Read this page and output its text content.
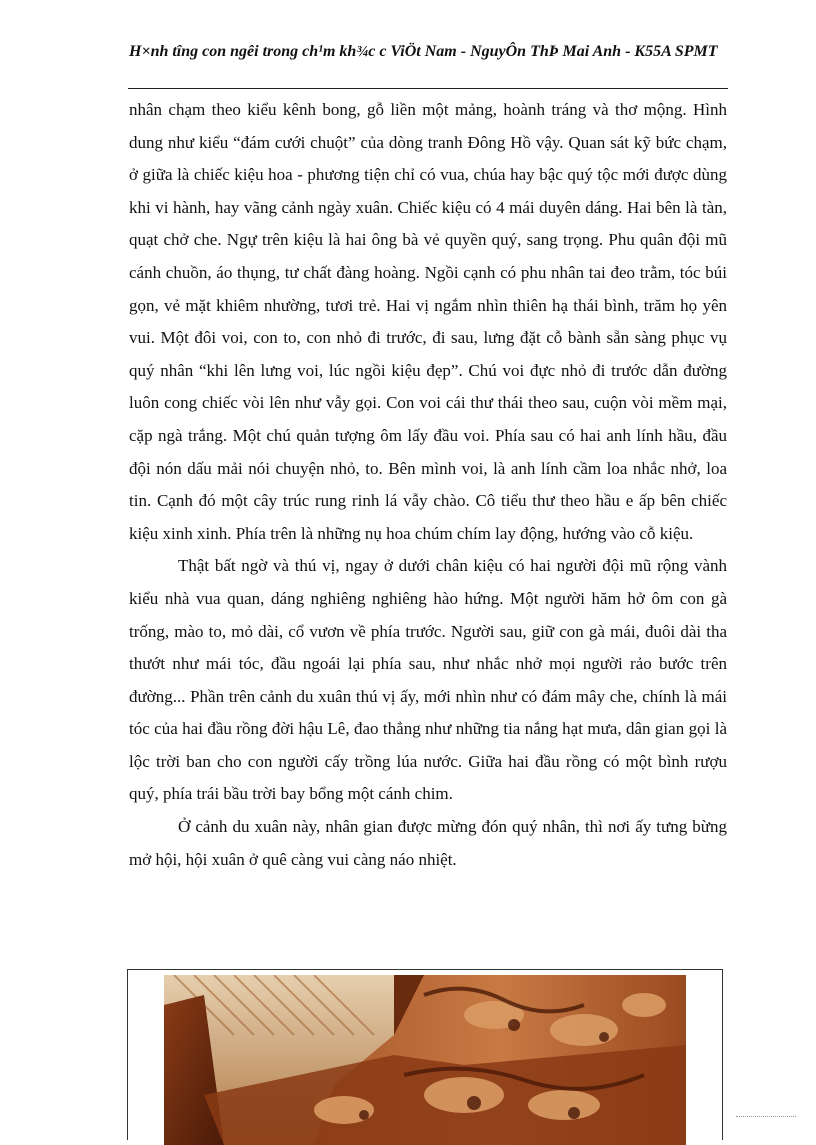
H×nh tîng con ngêi trong ch¹m kh¾c c ViÖt Nam - NguyÔn ThÞ Mai Anh - K55A SPMT

nhân chạm theo kiểu kênh bong, gỗ liền một mảng, hoành tráng và thơ mộng. Hình dung như kiểu “đám cưới chuột” của dòng tranh Đông Hồ vậy. Quan sát kỹ bức chạm, ở giữa là chiếc kiệu hoa - phương tiện chỉ có vua, chúa hay bậc quý tộc mới được dùng khi vi hành, hay vãng cảnh ngày xuân. Chiếc kiệu có 4 mái duyên dáng. Hai bên là tàn, quạt chở che. Ngự trên kiệu là hai ông bà vẻ quyền quý, sang trọng. Phu quân đội mũ cánh chuồn, áo thụng, tư chất đàng hoàng. Ngồi cạnh có phu nhân tai đeo trằm, tóc búi gọn, vẻ mặt khiêm nhường, tươi trẻ. Hai vị ngắm nhìn thiên hạ thái bình, trăm họ yên vui. Một đôi voi, con to, con nhỏ đi trước, đi sau, lưng đặt cỗ bành sẵn sàng phục vụ quý nhân “khi lên lưng voi, lúc ngồi kiệu đẹp”. Chú voi đực nhỏ đi trước dẫn đường luôn cong chiếc vòi lên như vẫy gọi. Con voi cái thư thái theo sau, cuộn vòi mềm mại, cặp ngà trắng. Một chú quản tượng ôm lấy đầu voi. Phía sau có hai anh lính hầu, đầu đội nón dấu mải nói chuyện nhỏ, to. Bên mình voi, là anh lính cầm loa nhắc nhở, loa tin. Cạnh đó một cây trúc rung rinh lá vẫy chào. Cô tiểu thư theo hầu e ấp bên chiếc kiệu xinh xinh. Phía trên là những nụ hoa chúm chím lay động, hướng vào cỗ kiệu.

Thật bất ngờ và thú vị, ngay ở dưới chân kiệu có hai người đội mũ rộng vành kiểu nhà vua quan, dáng nghiêng nghiêng hào hứng. Một người hăm hở ôm con gà trống, mào to, mỏ dài, cổ vươn về phía trước. Người sau, giữ con gà mái, đuôi dài tha thướt như mái tóc, đầu ngoái lại phía sau, như nhắc nhở mọi người rảo bước trên đường... Phần trên cảnh du xuân thú vị ấy, mới nhìn như có đám mây che, chính là mái tóc của hai đầu rồng đời hậu Lê, đao thẳng như những tia nắng hạt mưa, dân gian gọi là lộc trời ban cho con người cấy trồng lúa nước. Giữa hai đầu rồng có một bình rượu quý, phía trái bầu trời bay bổng một cánh chim.

Ở cảnh du xuân này, nhân gian được mừng đón quý nhân, thì nơi ấy tưng bừng mở hội, hội xuân ở quê càng vui càng náo nhiệt.
